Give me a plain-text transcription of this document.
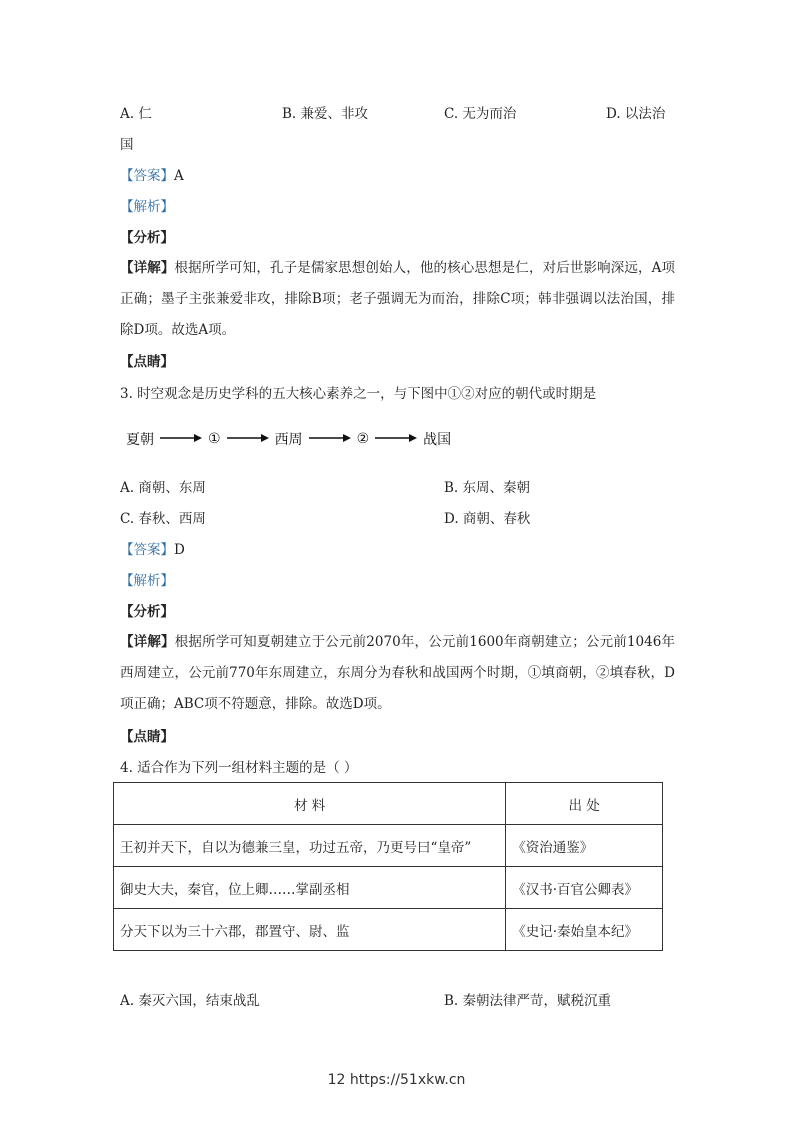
A. 仁	B. 兼爱、非攻	C. 无为而治	D. 以法治
国
【答案】A
【解析】
【分析】
【详解】根据所学可知，孔子是儒家思想创始人，他的核心思想是仁，对后世影响深远，A项正确；墨子主张兼爱非攻，排除B项；老子强调无为而治，排除C项；韩非强调以法治国，排除D项。故选A项。
【点睛】
3. 时空观念是历史学科的五大核心素养之一，与下图中①②对应的朝代或时期是
夏朝	①	西周	②	战国
A. 商朝、东周	B. 东周、秦朝
C. 春秋、西周	D. 商朝、春秋
【答案】D
【解析】
【分析】
【详解】根据所学可知夏朝建立于公元前2070年，公元前1600年商朝建立；公元前1046年西周建立，公元前770年东周建立，东周分为春秋和战国两个时期，①填商朝，②填春秋，D项正确；ABC项不符题意，排除。故选D项。
【点睛】
4. 适合作为下列一组材料主题的是（ ）
材 料	出 处
王初并天下，自以为德兼三皇，功过五帝，乃更号曰“皇帝”	《资治通鉴》
御史大夫，秦官，位上卿……掌副丞相	《汉书·百官公卿表》
分天下以为三十六郡，郡置守、尉、监	《史记·秦始皇本纪》
A. 秦灭六国，结束战乱	B. 秦朝法律严苛，赋税沉重
12 https://51xkw.cn
